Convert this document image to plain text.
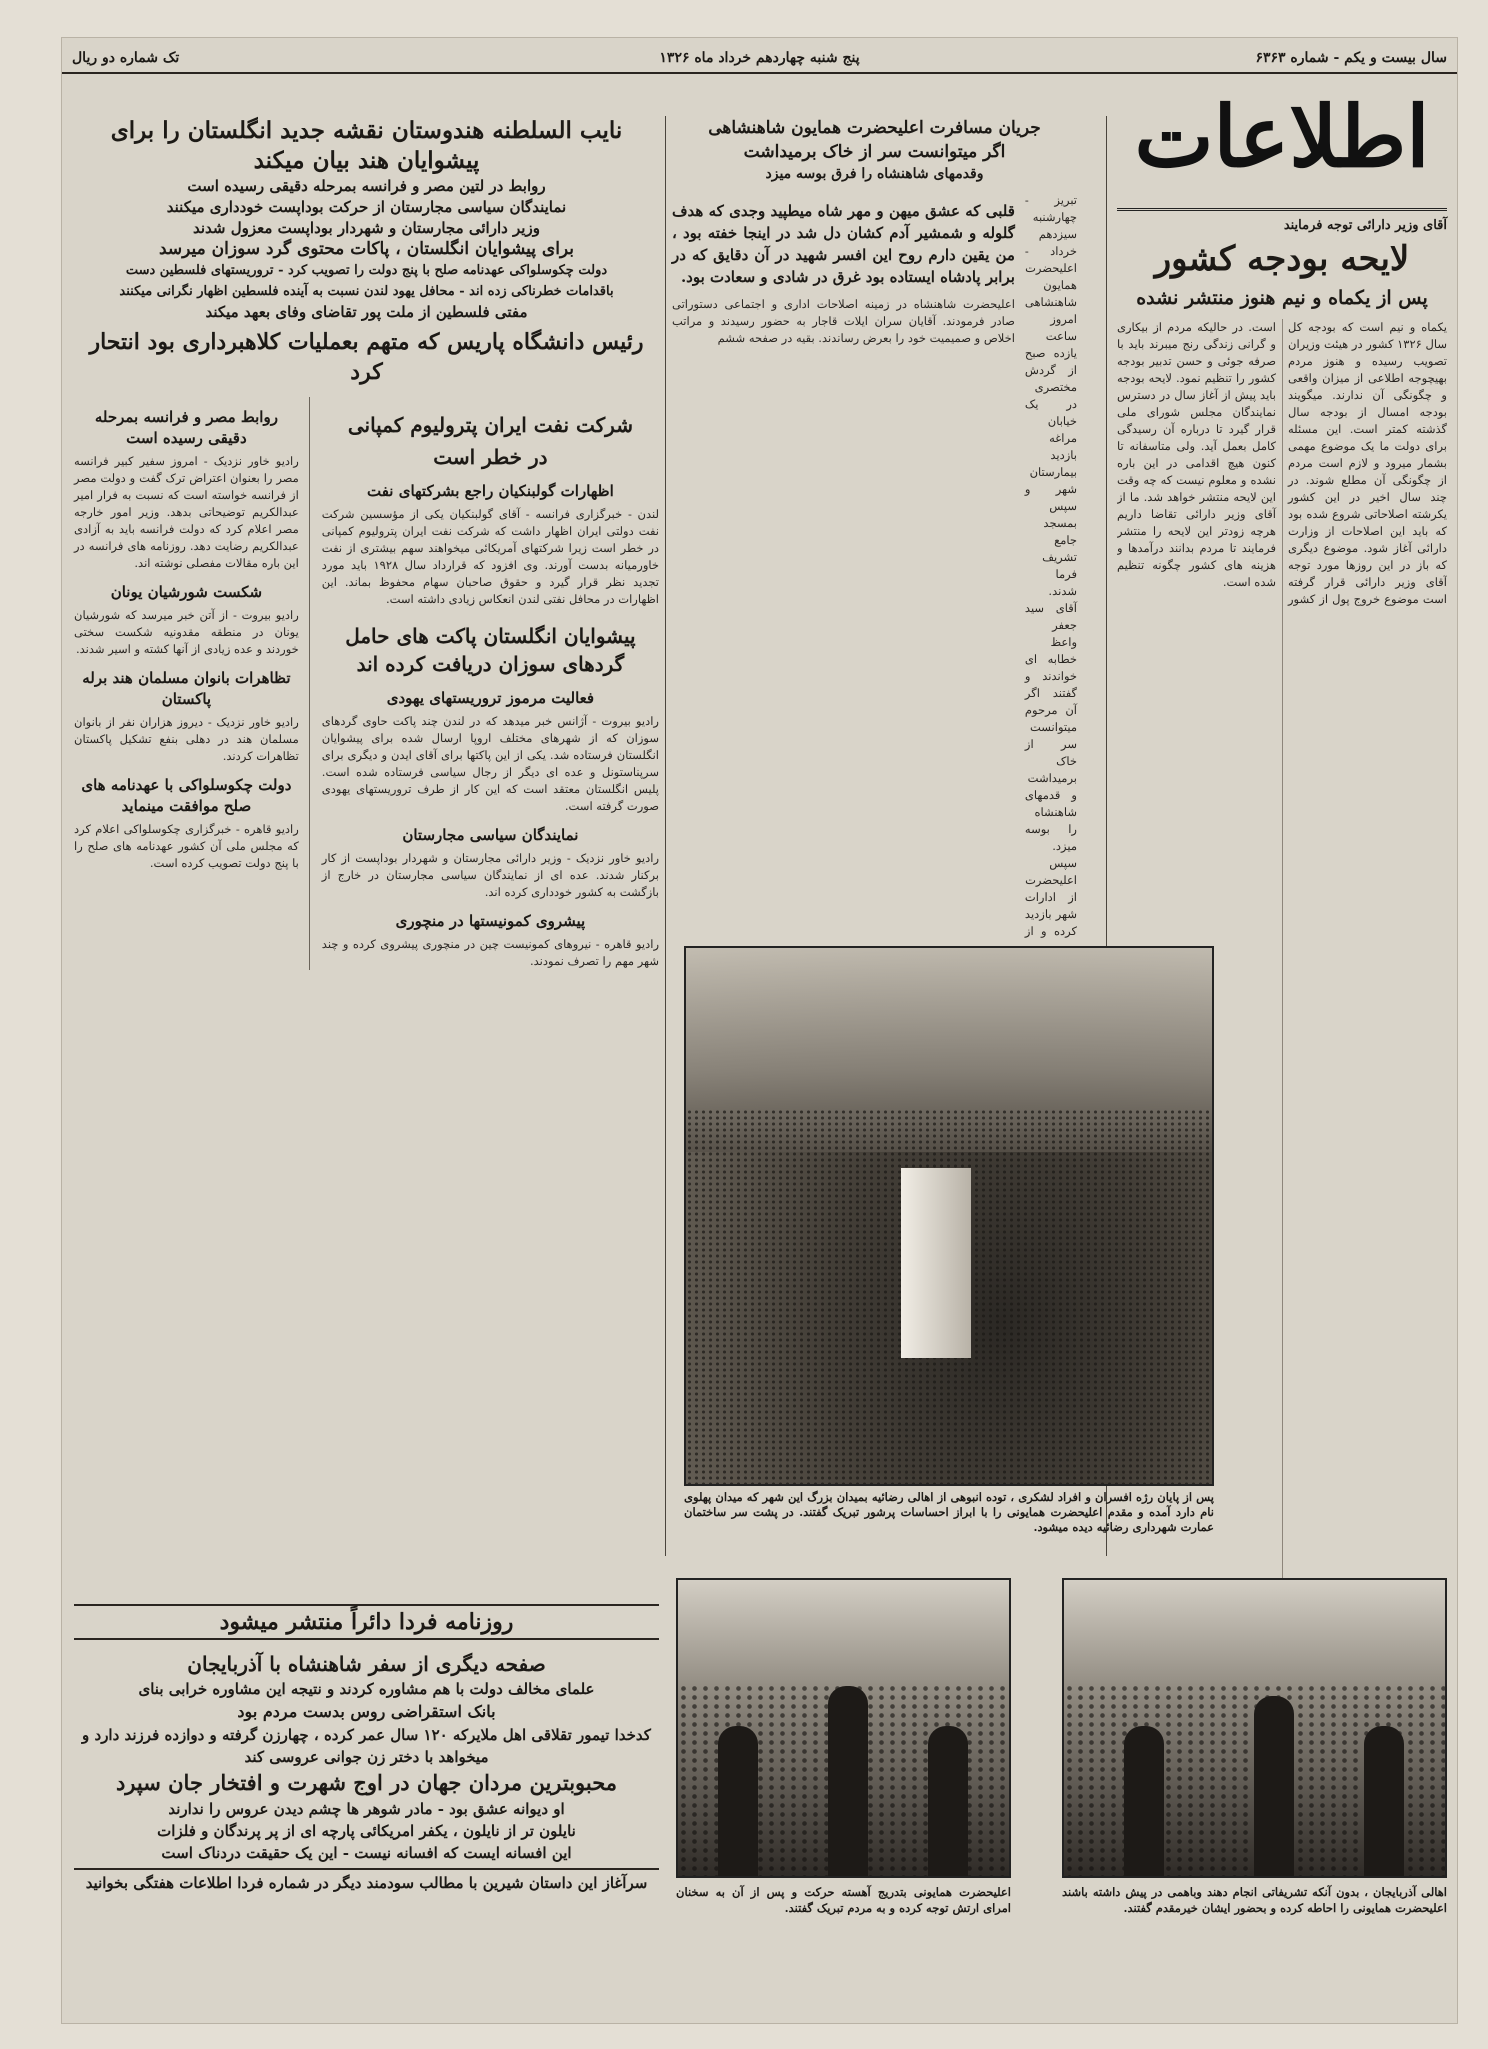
سال بیست و یکم - شماره ۶۳۶۳
پنج شنبه چهاردهم خرداد ماه ۱۳۲۶
تک شماره دو ریال
اطلاعات
آقای وزیر دارائی توجه فرمایند
لایحه بودجه کشور
پس از یکماه و نیم هنوز منتشر نشده
یکماه و نیم است که بودجه کل سال ۱۳۲۶ کشور در هیئت وزیران تصویب رسیده و هنوز مردم بهیچوجه اطلاعی از میزان واقعی و چگونگی آن ندارند. میگویند بودجه امسال از بودجه سال گذشته کمتر است. این مسئله برای دولت ما یک موضوع مهمی بشمار میرود و لازم است مردم از چگونگی آن مطلع شوند. در چند سال اخیر در این کشور یکرشته اصلاحاتی شروع شده بود که باید این اصلاحات از وزارت دارائی آغاز شود. موضوع دیگری که باز در این روزها مورد توجه آقای وزیر دارائی قرار گرفته است موضوع خروج پول از کشور است. در حالیکه مردم از بیکاری و گرانی زندگی رنج میبرند باید با صرفه جوئی و حسن تدبیر بودجه کشور را تنظیم نمود. لایحه بودجه باید پیش از آغاز سال در دسترس نمایندگان مجلس شورای ملی قرار گیرد تا درباره آن رسیدگی کامل بعمل آید. ولی متاسفانه تا کنون هیچ اقدامی در این باره نشده و معلوم نیست که چه وقت این لایحه منتشر خواهد شد. ما از آقای وزیر دارائی تقاضا داریم هرچه زودتر این لایحه را منتشر فرمایند تا مردم بدانند درآمدها و هزینه های کشور چگونه تنظیم شده است.
جریان مسافرت اعلیحضرت همایون شاهنشاهی
اگر میتوانست سر از خاک برمیداشت
وقدمهای شاهنشاه را فرق بوسه میزد
تبریز - چهارشنبه سیزدهم خرداد - اعلیحضرت همایون شاهنشاهی امروز ساعت یازده صبح از گردش مختصری در یک خیابان مراغه بازدید بیمارستان شهر و سپس بمسجد جامع تشریف فرما شدند. آقای سید جعفر واعظ خطابه ای خواندند و گفتند اگر آن مرحوم میتوانست سر از خاک برمیداشت و قدمهای شاهنشاه را بوسه میزد. سپس اعلیحضرت از ادارات شهر بازدید کرده و از
قلبی که عشق میهن و مهر شاه میطپید وجدی که هدف گلوله و شمشیر آدم کشان دل شد در اینجا خفته بود ، من یقین دارم روح این افسر شهید در آن دقایق که در برابر پادشاه ایستاده بود غرق در شادی و سعادت بود.
اعلیحضرت شاهنشاه در زمینه اصلاحات اداری و اجتماعی دستوراتی صادر فرمودند. آقایان سران ایلات قاجار به حضور رسیدند و مراتب اخلاص و صمیمیت خود را بعرض رساندند. بقیه در صفحه ششم
پس از پایان رژه افسران و افراد لشکری ، توده انبوهی از اهالی رضائیه بمیدان بزرگ این شهر که میدان پهلوی نام دارد آمده و مقدم اعلیحضرت همایونی را با ابراز احساسات پرشور تبریک گفتند. در پشت سر ساختمان عمارت شهرداری رضائیه دیده میشود.
نایب السلطنه هندوستان نقشه جدید انگلستان را برای
پیشوایان هند بیان میکند
روابط در لتین مصر و فرانسه بمرحله دقیقی رسیده است
نمایندگان سیاسی مجارستان از حرکت بوداپست خودداری میکنند
وزیر دارائی مجارستان و شهردار بوداپست معزول شدند
برای پیشوایان انگلستان ، پاکات محتوی گرد سوزان میرسد
دولت چکوسلواکی عهدنامه صلح با پنج دولت را تصویب کرد - تروریستهای فلسطین دست
باقدامات خطرناکی زده اند - محافل یهود لندن نسبت به آینده فلسطین اظهار نگرانی میکنند
مفتی فلسطین از ملت پور تقاضای وفای بعهد میکند
رئیس دانشگاه پاریس که متهم بعملیات کلاهبرداری بود انتحار کرد
شرکت نفت ایران پترولیوم کمپانی
در خطر است
اظهارات گولبنکیان راجع بشرکتهای نفت
لندن - خبرگزاری فرانسه - آقای گولبنکیان یکی از مؤسسین شرکت نفت دولتی ایران اظهار داشت که شرکت نفت ایران پترولیوم کمپانی در خطر است زیرا شرکتهای آمریکائی میخواهند سهم بیشتری از نفت خاورمیانه بدست آورند. وی افزود که قرارداد سال ۱۹۲۸ باید مورد تجدید نظر قرار گیرد و حقوق صاحبان سهام محفوظ بماند. این اظهارات در محافل نفتی لندن انعکاس زیادی داشته است.
پیشوایان انگلستان پاکت های حامل گردهای سوزان دریافت کرده اند
فعالیت مرموز تروریستهای یهودی
رادیو بیروت - آژانس خبر میدهد که در لندن چند پاکت حاوی گردهای سوزان که از شهرهای مختلف اروپا ارسال شده برای پیشوایان انگلستان فرستاده شد. یکی از این پاکتها برای آقای ایدن و دیگری برای سرپناستونل و عده ای دیگر از رجال سیاسی فرستاده شده است. پلیس انگلستان معتقد است که این کار از طرف تروریستهای یهودی صورت گرفته است.
نمایندگان سیاسی مجارستان
رادیو خاور نزدیک - وزیر دارائی مجارستان و شهردار بوداپست از کار برکنار شدند. عده ای از نمایندگان سیاسی مجارستان در خارج از بازگشت به کشور خودداری کرده اند.
پیشروی کمونیستها در منچوری
رادیو قاهره - نیروهای کمونیست چین در منچوری پیشروی کرده و چند شهر مهم را تصرف نمودند.
روابط مصر و فرانسه بمرحله دقیقی رسیده است
رادیو خاور نزدیک - امروز سفیر کبیر فرانسه مصر را بعنوان اعتراض ترک گفت و دولت مصر از فرانسه خواسته است که نسبت به فرار امیر عبدالکریم توضیحاتی بدهد. وزیر امور خارجه مصر اعلام کرد که دولت فرانسه باید به آزادی عبدالکریم رضایت دهد. روزنامه های فرانسه در این باره مقالات مفصلی نوشته اند.
شکست شورشیان یونان
رادیو بیروت - از آتن خبر میرسد که شورشیان یونان در منطقه مقدونیه شکست سختی خوردند و عده زیادی از آنها کشته و اسیر شدند.
تظاهرات بانوان مسلمان هند برله پاکستان
رادیو خاور نزدیک - دیروز هزاران نفر از بانوان مسلمان هند در دهلی بنفع تشکیل پاکستان تظاهرات کردند.
دولت چکوسلواکی با عهدنامه های صلح موافقت مینماید
رادیو قاهره - خبرگزاری چکوسلواکی اعلام کرد که مجلس ملی آن کشور عهدنامه های صلح را با پنج دولت تصویب کرده است.
روزنامه فردا دائراً منتشر میشود
صفحه دیگری از سفر شاهنشاه با آذربایجان
علمای مخالف دولت با هم مشاوره کردند و نتیجه این مشاوره خرابی بنای
بانک استقراضی روس بدست مردم بود
کدخدا تیمور تقلاقی اهل ملایرکه ۱۲۰ سال عمر کرده ، چهارزن گرفته و دوازده فرزند دارد و میخواهد با دختر زن جوانی عروسی کند
محبوبترین مردان جهان در اوج شهرت و افتخار جان سپرد
او دیوانه عشق بود - مادر شوهر ها چشم دیدن عروس را ندارند
نایلون تر از نایلون ، یکفر امریکائی پارچه ای از پر پرندگان و فلزات
این افسانه ایست که افسانه نیست - این یک حقیقت دردناک است
سرآغاز این داستان شیرین با مطالب سودمند دیگر در شماره فردا اطلاعات هفتگی بخوانید	اعلیحضرت همایونی بتدریج آهسته حرکت و پس از آن به سخنان امرای ارتش توجه کرده و به مردم تبریک گفتند.
اهالی آذربایجان ، بدون آنکه تشریفاتی انجام دهند وباهمی در پیش داشته باشند اعلیحضرت همایونی را احاطه کرده و بحضور ایشان خیرمقدم گفتند.
